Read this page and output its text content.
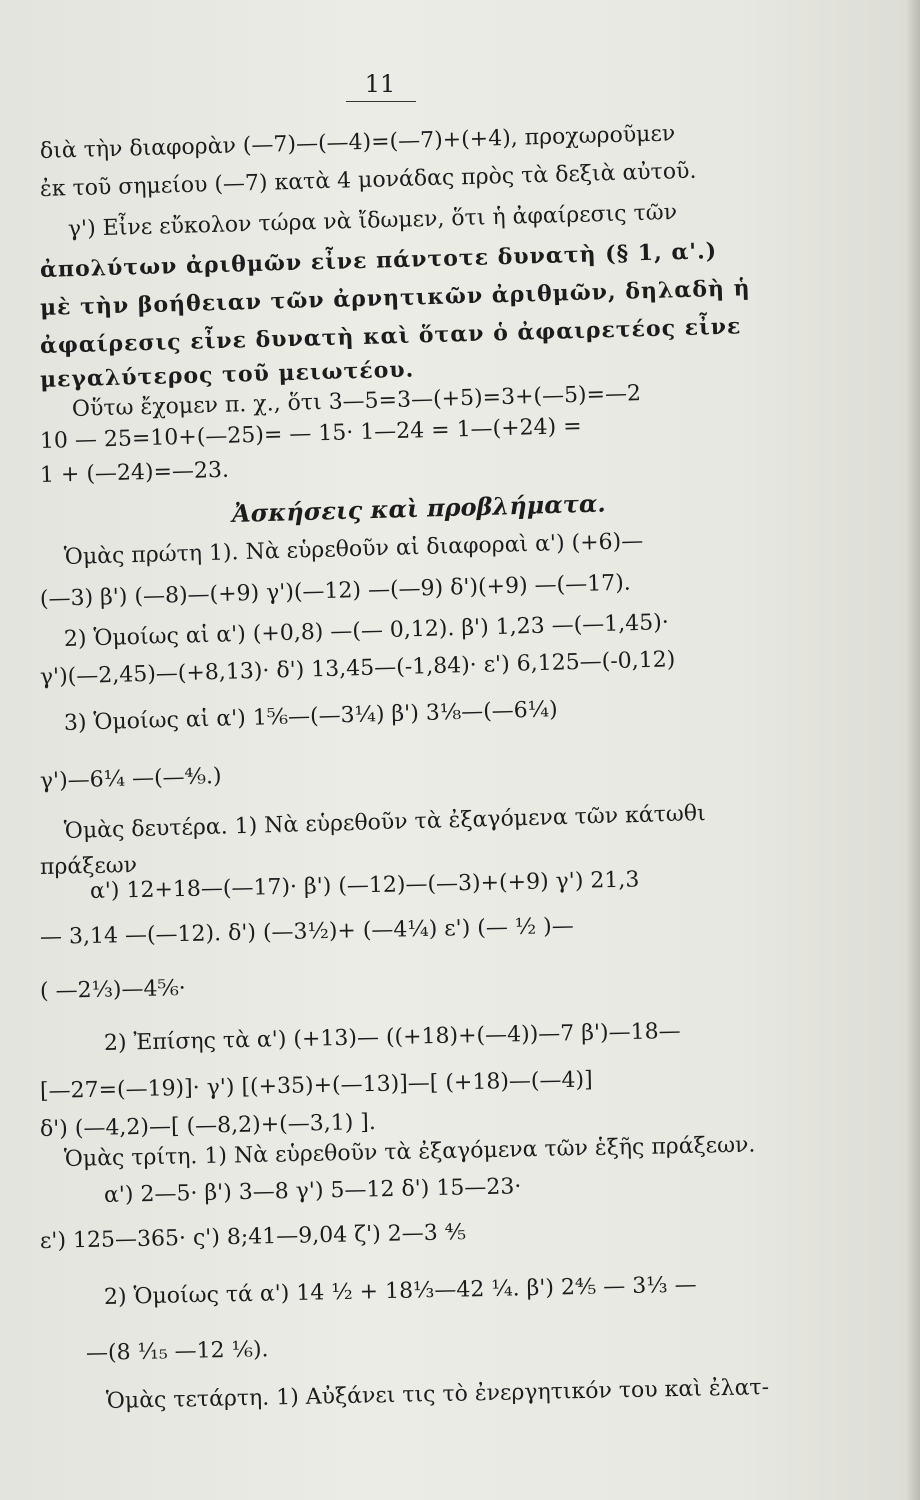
11
διὰ τὴν διαφορὰν (—7)—(—4)=(—7)+(+4), προχωροῦμεν
ἐκ τοῦ σημείου (—7) κατὰ 4 μονάδας πρὸς τὰ δεξιὰ αὐτοῦ.
γ') Εἶνε εὔκολον τώρα νὰ ἴδωμεν, ὅτι ἡ ἀφαίρεσις τῶν
ἀπολύτων ἀριθμῶν εἶνε πάντοτε δυνατὴ (§ 1, α'.)
μὲ τὴν βοήθειαν τῶν ἀρνητικῶν ἀριθμῶν, δηλαδὴ ἡ
ἀφαίρεσις εἶνε δυνατὴ καὶ ὅταν ὁ ἀφαιρετέος εἶνε
μεγαλύτερος τοῦ μειωτέου.
Οὕτω ἔχομεν π. χ., ὅτι 3—5=3—(+5)=3+(—5)=—2
10 — 25=10+(—25)= — 15· 1—24 = 1—(+24) =
1 + (—24)=—23.
Ἀσκήσεις καὶ προβλήματα.
Ὁμὰς πρώτη 1). Νὰ εὑρεθοῦν αἱ διαφοραὶ α') (+6)—
(—3) β') (—8)—(+9) γ')(—12) —(—9) δ')(+9) —(—17).
2) Ὁμοίως αἱ α') (+0,8) —(— 0,12). β') 1,23 —(—1,45)·
γ')(—2,45)—(+8,13)· δ') 13,45—(-1,84)· ε') 6,125—(-0,12)
3) Ὁμοίως αἱ α') 1⁵⁄₆—(—3¼) β') 3⅛—(—6¼)
γ')—6¼ —(—⁴⁄₉.)
Ὁμὰς δευτέρα. 1) Νὰ εὑρεθοῦν τὰ ἐξαγόμενα τῶν κάτωθι
πράξεων
α') 12+18—(—17)· β') (—12)—(—3)+(+9) γ') 21,3
— 3,14 —(—12). δ') (—3½)+ (—4¼) ε') (— ½ )—
( —2⅓)—4⁵⁄₆·
2) Ἐπίσης τὰ α') (+13)— ((+18)+(—4))—7 β')—18—
[—27=(—19)]· γ') [(+35)+(—13)]—[ (+18)—(—4)]
δ') (—4,2)—[ (—8,2)+(—3,1) ].
Ὁμὰς τρίτη. 1) Νὰ εὑρεθοῦν τὰ ἐξαγόμενα τῶν ἑξῆς πράξεων.
α') 2—5· β') 3—8 γ') 5—12 δ') 15—23·
ε') 125—365· ς') 8;41—9,04 ζ') 2—3 ⅘
2) Ὁμοίως τά α') 14 ½ + 18⅓—42 ¼. β') 2⅘ — 3⅓ —
—(8 ¹⁄₁₅ —12 ⅙).
Ὁμὰς τετάρτη. 1) Αὐξάνει τις τὸ ἐνεργητικόν του καὶ ἐλατ-
